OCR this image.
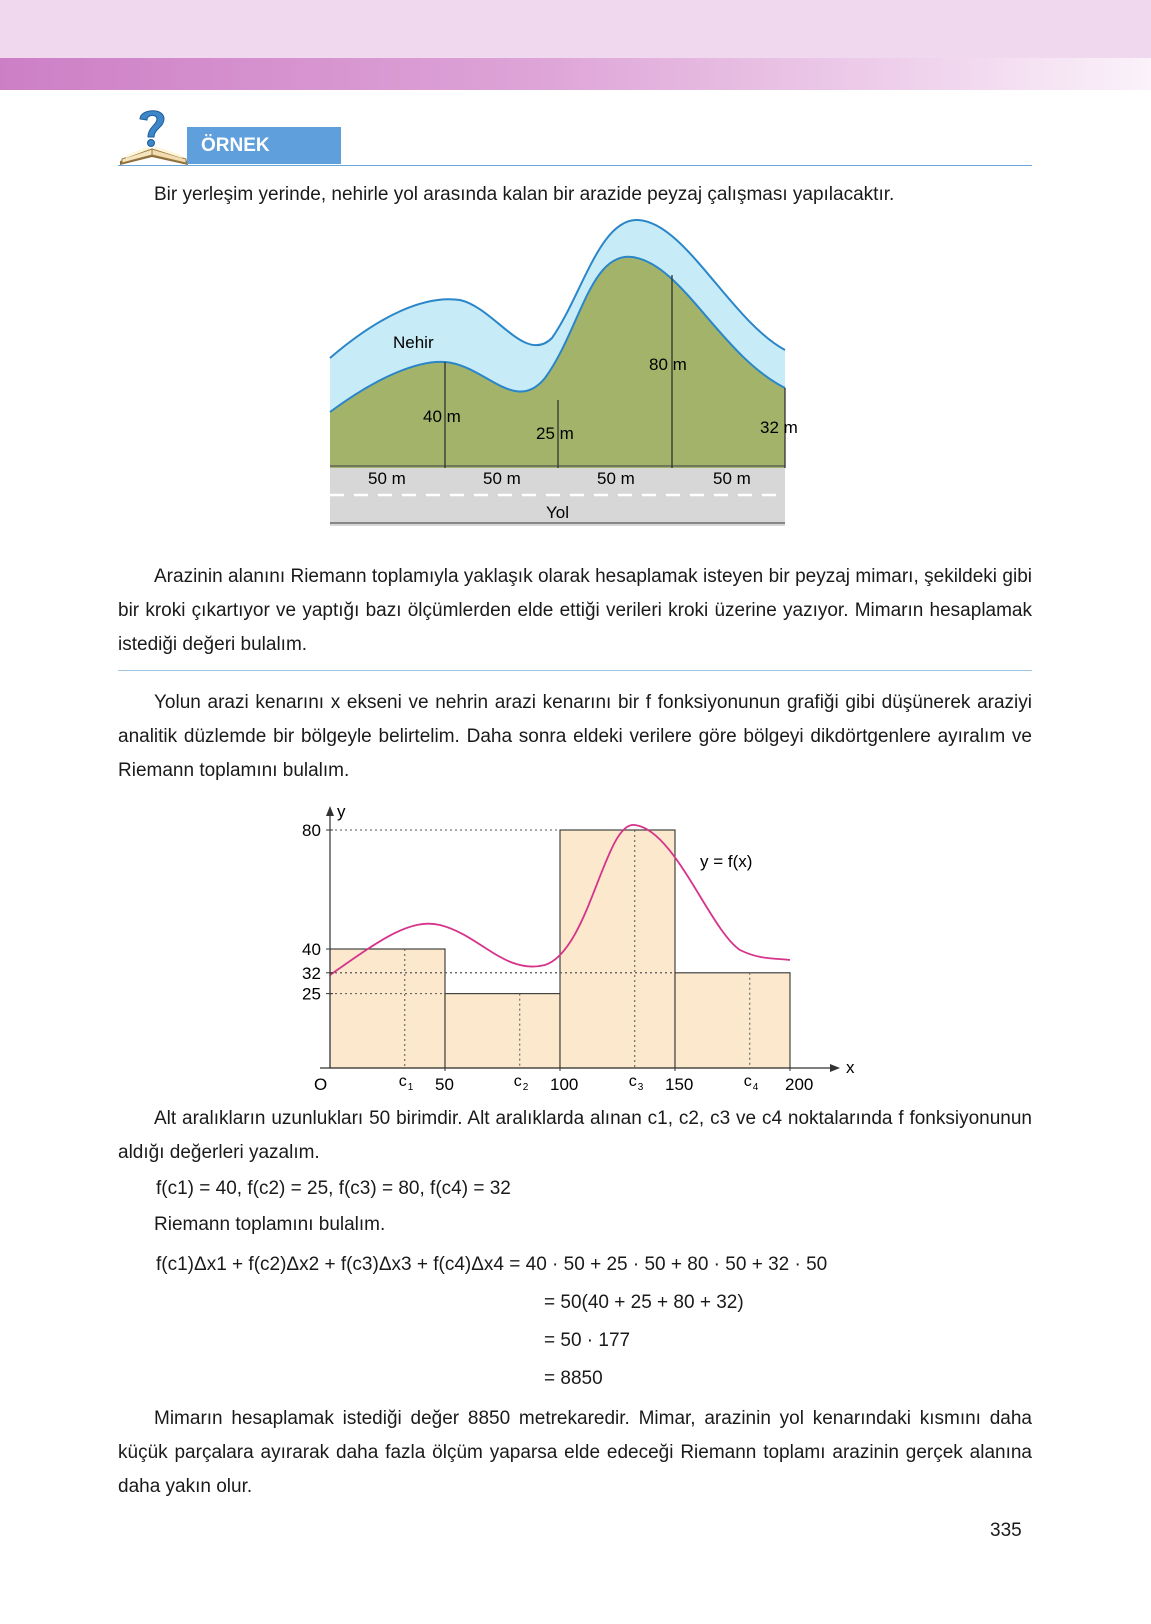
ÖRNEK
Bir yerleşim yerinde, nehirle yol arasında kalan bir arazide peyzaj çalışması yapılacaktır.
Nehir
40 m
25 m
80 m
32 m
50 m	50 m	50 m	50 m
Yol
Arazinin alanını Riemann toplamıyla yaklaşık olarak hesaplamak isteyen bir peyzaj mimarı, şekildeki gibi bir kroki çıkartıyor ve yaptığı bazı ölçümlerden elde ettiği verileri kroki üzerine yazıyor. Mimarın hesaplamak istediği değeri bulalım.
Yolun arazi kenarını x ekseni ve nehrin arazi kenarını bir f fonksiyonunun grafiği gibi düşünerek araziyi analitik düzlemde bir bölgeyle belirtelim. Daha sonra eldeki verilere göre bölgeyi dikdörtgenlere ayıralım ve Riemann toplamını bulalım.
y
x
O
y = f(x)
c 1	c 2	c 3	c 4
50	100	150	200
80
40
32
25
Alt aralıkların uzunlukları 50 birimdir. Alt aralıklarda alınan c1, c2, c3 ve c4 noktalarında f fonksiyonunun aldığı değerleri yazalım.
f(c1) = 40, f(c2) = 25, f(c3) = 80, f(c4) = 32
Riemann toplamını bulalım.
f(c1)Δx1 + f(c2)Δx2 + f(c3)Δx3 + f(c4)Δx4 = 40 · 50 + 25 · 50 + 80 · 50 + 32 · 50
= 50(40 + 25 + 80 + 32)
= 50 · 177
= 8850
Mimarın hesaplamak istediği değer 8850 metrekaredir. Mimar, arazinin yol kenarındaki kısmını daha küçük parçalara ayırarak daha fazla ölçüm yaparsa elde edeceği Riemann toplamı arazinin gerçek alanına daha yakın olur.
335
